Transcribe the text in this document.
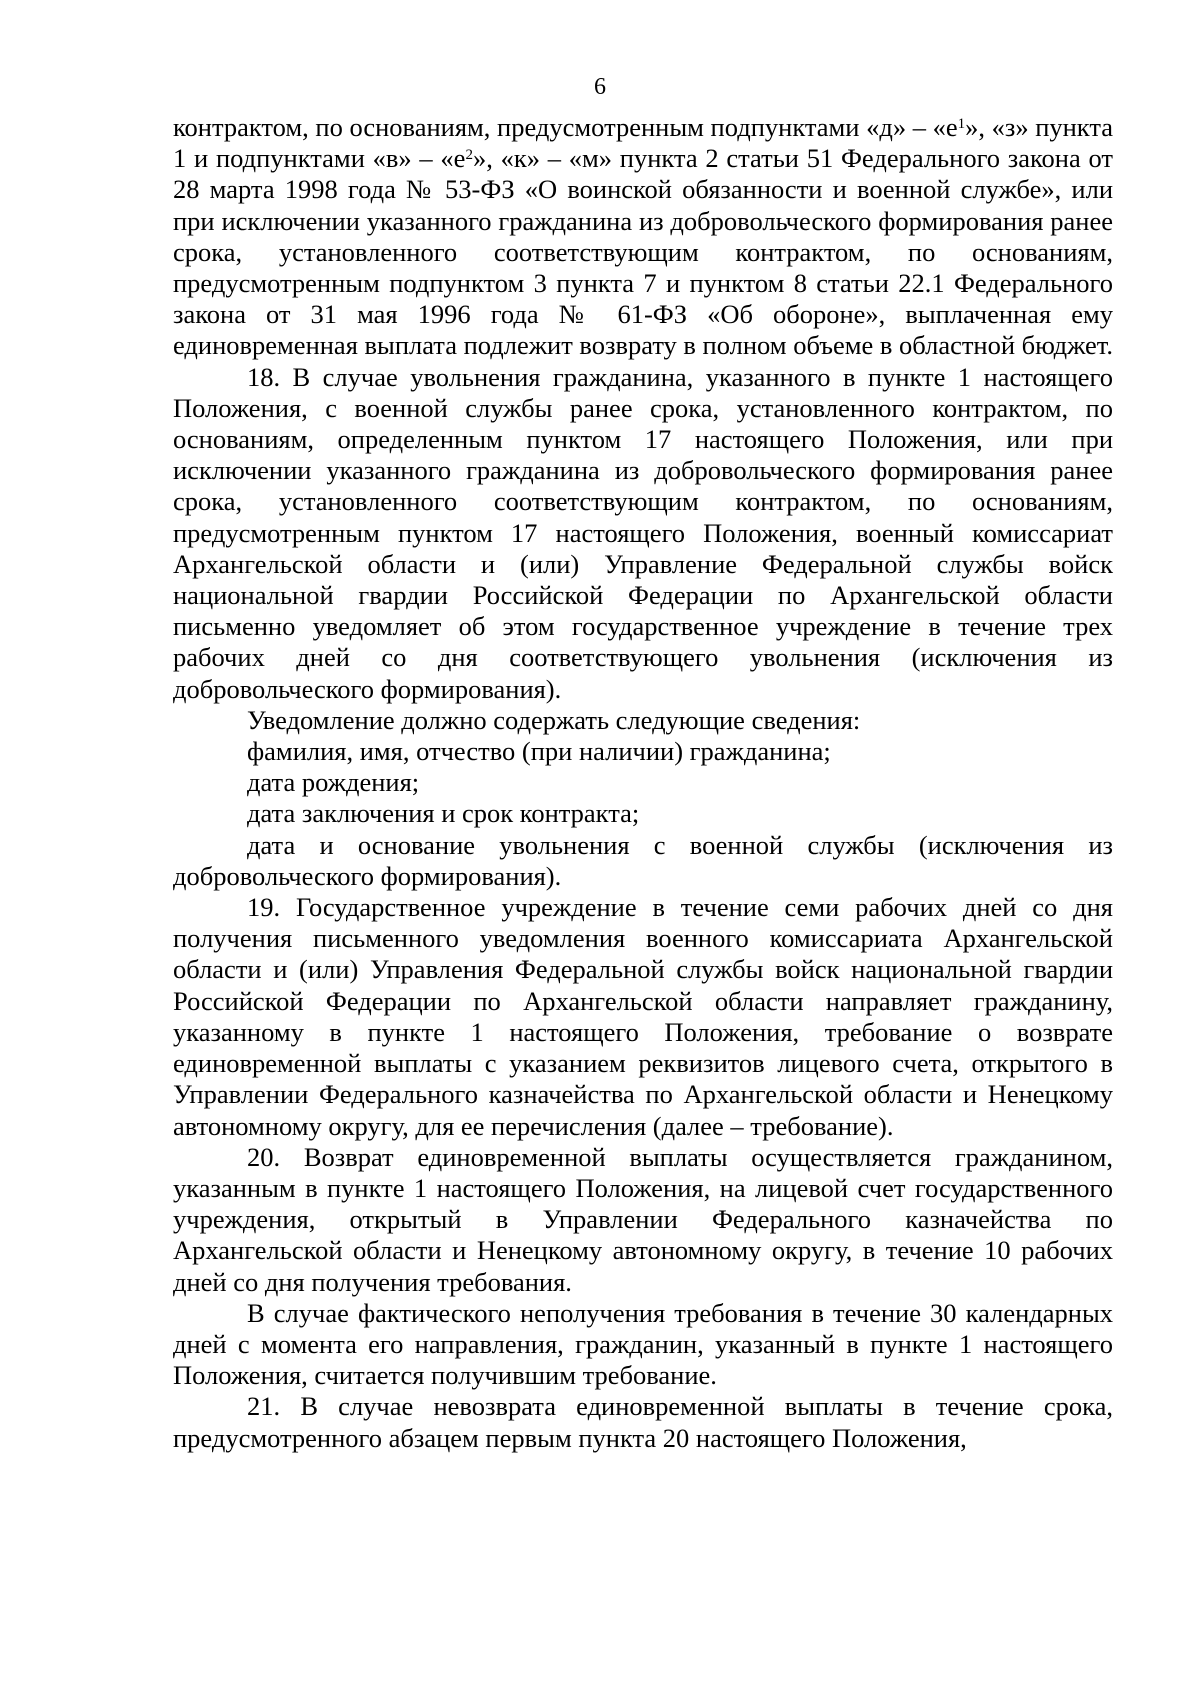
6

контрактом, по основаниям, предусмотренным подпунктами «д» – «$е^1$», «з» пункта 1 и подпунктами «в» – «$е^2$», «к» – «м» пункта 2 статьи 51 Федерального закона от 28 марта 1998 года № 53-ФЗ «О воинской обязанности и военной службе», или при исключении указанного гражданина из добровольческого формирования ранее срока, установленного соответствующим контрактом, по основаниям, предусмотренным подпунктом 3 пункта 7 и пунктом 8 статьи 22.1 Федерального закона от 31 мая 1996 года № 61-ФЗ «Об обороне», выплаченная ему единовременная выплата подлежит возврату в полном объеме в областной бюджет.

18. В случае увольнения гражданина, указанного в пункте 1 настоящего Положения, с военной службы ранее срока, установленного контрактом, по основаниям, определенным пунктом 17 настоящего Положения, или при исключении указанного гражданина из добровольческого формирования ранее срока, установленного соответствующим контрактом, по основаниям, предусмотренным пунктом 17 настоящего Положения, военный комиссариат Архангельской области и (или) Управление Федеральной службы войск национальной гвардии Российской Федерации по Архангельской области письменно уведомляет об этом государственное учреждение в течение трех рабочих дней со дня соответствующего увольнения (исключения из добровольческого формирования).

Уведомление должно содержать следующие сведения:

фамилия, имя, отчество (при наличии) гражданина;

дата рождения;

дата заключения и срок контракта;

дата и основание увольнения с военной службы (исключения из добровольческого формирования).

19. Государственное учреждение в течение семи рабочих дней со дня получения письменного уведомления военного комиссариата Архангельской области и (или) Управления Федеральной службы войск национальной гвардии Российской Федерации по Архангельской области направляет гражданину, указанному в пункте 1 настоящего Положения, требование о возврате единовременной выплаты с указанием реквизитов лицевого счета, открытого в Управлении Федерального казначейства по Архангельской области и Ненецкому автономному округу, для ее перечисления (далее – требование).

20. Возврат единовременной выплаты осуществляется гражданином, указанным в пункте 1 настоящего Положения, на лицевой счет государственного учреждения, открытый в Управлении Федерального казначейства по Архангельской области и Ненецкому автономному округу, в течение 10 рабочих дней со дня получения требования.

В случае фактического неполучения требования в течение 30 календарных дней с момента его направления, гражданин, указанный в пункте 1 настоящего Положения, считается получившим требование.

21. В случае невозврата единовременной выплаты в течение срока, предусмотренного абзацем первым пункта 20 настоящего Положения,
